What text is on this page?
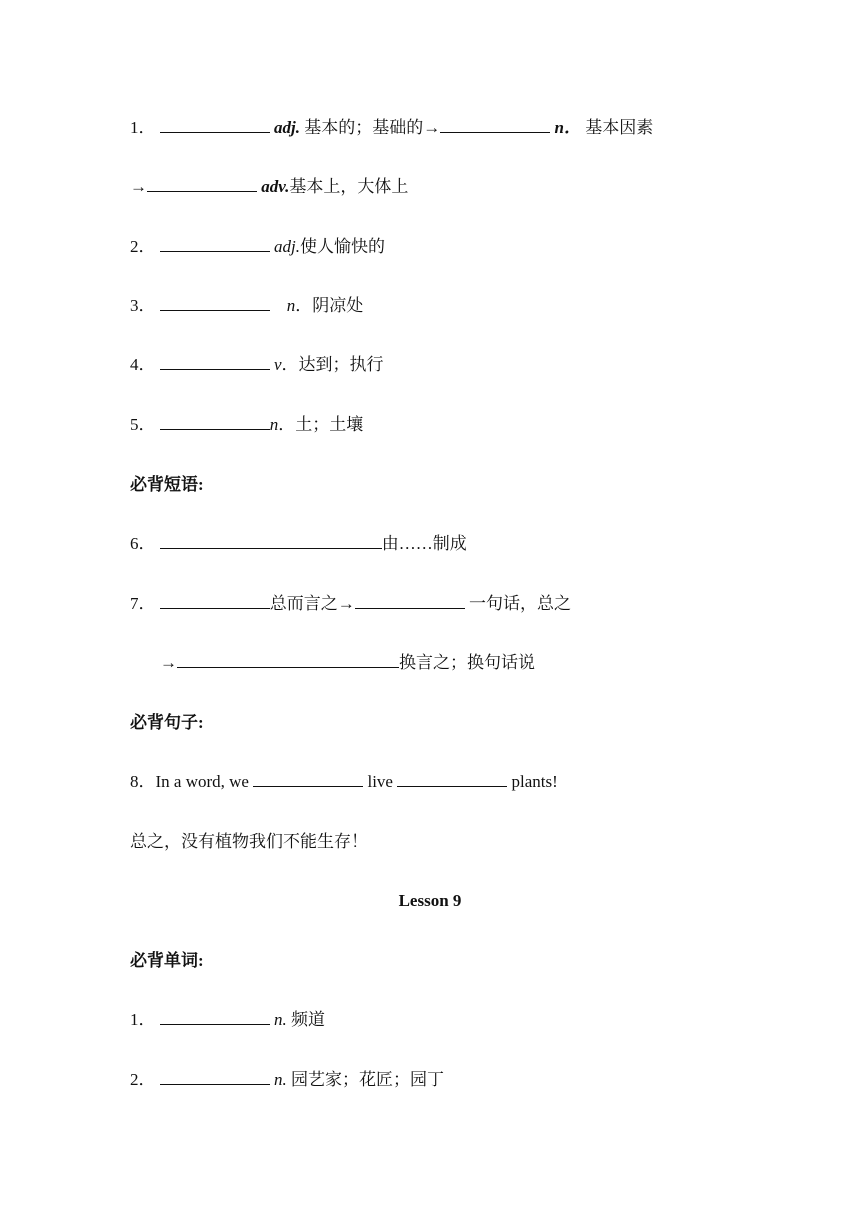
1．	adj. 基本的；基础的→	n． 基本因素
→	adv.基本上，大体上
2．	adj.使人愉快的
3．	n．阴凉处
4．	v．达到；执行
5．	n．土；土壤
必背短语:
6．	由……制成
7．	总而言之→	一句话，总之
→	换言之；换句话说
必背句子:
8．In a word, we	live	plants!
总之，没有植物我们不能生存！
Lesson 9
必背单词:
1．	n. 频道
2．	n. 园艺家；花匠；园丁
